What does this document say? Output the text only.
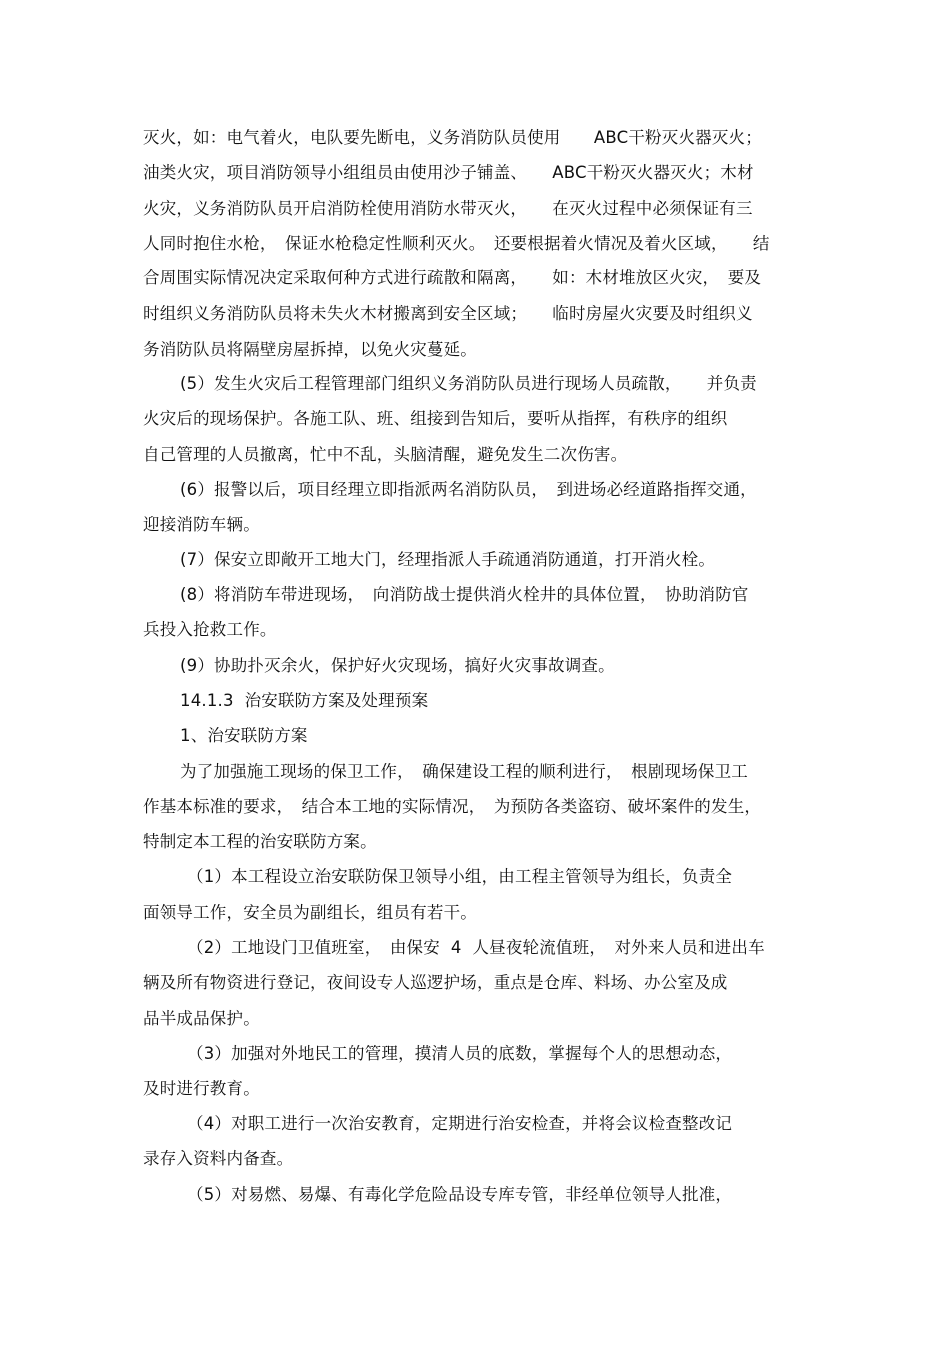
灭火，如：电气着火，电队要先断电，义务消防队员使用　　ABC干粉灭火器灭火；
油类火灾，项目消防领导小组组员由使用沙子铺盖、　　ABC干粉灭火器灭火；木材
火灾，义务消防队员开启消防栓使用消防水带灭火，　　在灭火过程中必须保证有三
人同时抱住水枪，　保证水枪稳定性顺利灭火。　还要根据着火情况及着火区域，　　结
合周围实际情况决定采取何种方式进行疏散和隔离，　　如：木材堆放区火灾，　要及
时组织义务消防队员将未失火木材搬离到安全区域；　　临时房屋火灾要及时组织义
务消防队员将隔壁房屋拆掉，以免火灾蔓延。
(5）发生火灾后工程管理部门组织义务消防队员进行现场人员疏散，　　并负责
火灾后的现场保护。各施工队、班、组接到告知后，要听从指挥，有秩序的组织
自己管理的人员撤离，忙中不乱，头脑清醒，避免发生二次伤害。
(6）报警以后，项目经理立即指派两名消防队员，　到进场必经道路指挥交通，
迎接消防车辆。
(7）保安立即敞开工地大门，经理指派人手疏通消防通道，打开消火栓。
(8）将消防车带进现场，　向消防战士提供消火栓井的具体位置，　协助消防官
兵投入抢救工作。
(9）协助扑灭余火，保护好火灾现场，搞好火灾事故调查。
14.1.3  治安联防方案及处理预案
1、治安联防方案
为了加强施工现场的保卫工作，　确保建设工程的顺利进行，　根剧现场保卫工
作基本标准的要求，　结合本工地的实际情况，　为预防各类盗窃、破坏案件的发生，
特制定本工程的治安联防方案。
（1）本工程设立治安联防保卫领导小组，由工程主管领导为组长，负责全
面领导工作，安全员为副组长，组员有若干。
（2）工地设门卫值班室，　由保安  4  人昼夜轮流值班，　对外来人员和进出车
辆及所有物资进行登记，夜间设专人巡逻护场，重点是仓库、料场、办公室及成
品半成品保护。
（3）加强对外地民工的管理，摸清人员的底数，掌握每个人的思想动态，
及时进行教育。
（4）对职工进行一次治安教育，定期进行治安检查，并将会议检查整改记
录存入资料内备查。
（5）对易燃、易爆、有毒化学危险品设专库专管，非经单位领导人批准，
